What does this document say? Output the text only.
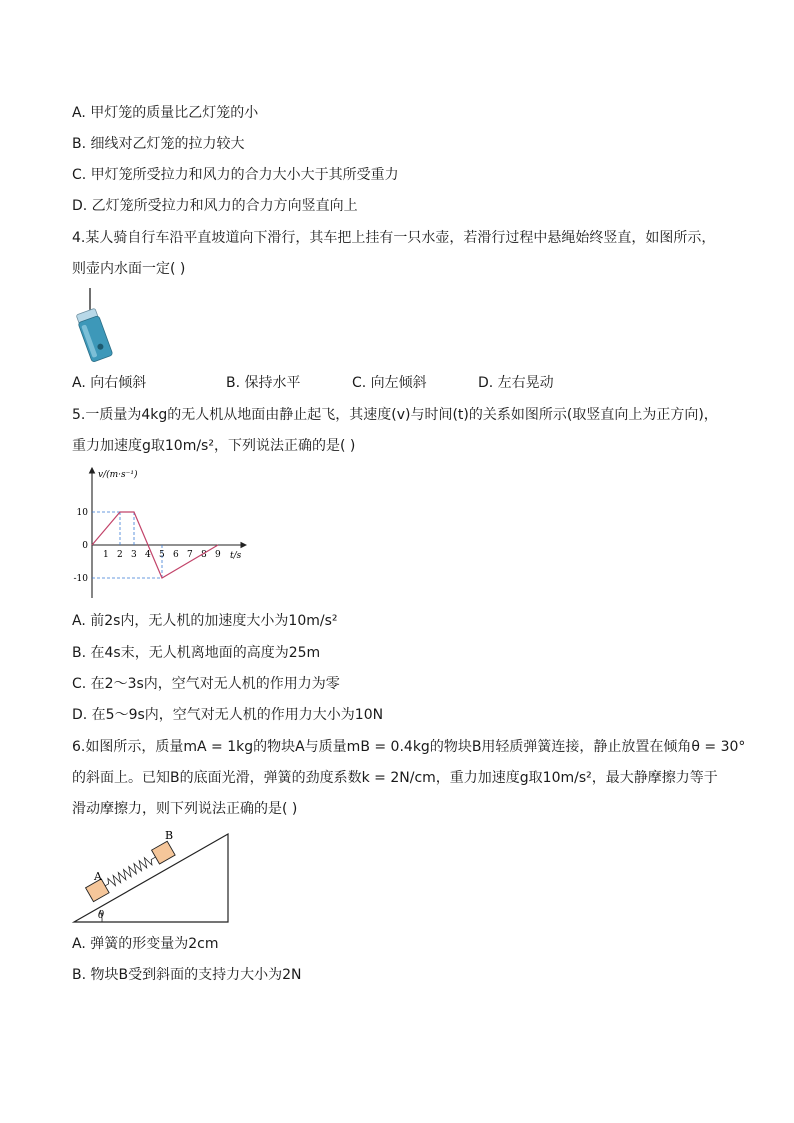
A. 甲灯笼的质量比乙灯笼的小
B. 细线对乙灯笼的拉力较大
C. 甲灯笼所受拉力和风力的合力大小大于其所受重力
D. 乙灯笼所受拉力和风力的合力方向竖直向上
4.某人骑自行车沿平直坡道向下滑行，其车把上挂有一只水壶，若滑行过程中悬绳始终竖直，如图所示，
则壶内水面一定( )
A. 向右倾斜	B. 保持水平	C. 向左倾斜	D. 左右晃动
5.一质量为4kg的无人机从地面由静止起飞，其速度(v)与时间(t)的关系如图所示(取竖直向上为正方向)，
重力加速度g取10m/s²，下列说法正确的是( )
v/(m·s⁻¹)
t/s
1 2 3 4 5 6 7 8 9
10
0
-10
A. 前2s内，无人机的加速度大小为10m/s²
B. 在4s末，无人机离地面的高度为25m
C. 在2～3s内，空气对无人机的作用力为零
D. 在5～9s内，空气对无人机的作用力大小为10N
6.如图所示，质量mA = 1kg的物块A与质量mB = 0.4kg的物块B用轻质弹簧连接，静止放置在倾角θ = 30°
的斜面上。已知B的底面光滑，弹簧的劲度系数k = 2N/cm，重力加速度g取10m/s²，最大静摩擦力等于
滑动摩擦力，则下列说法正确的是( )
θ
A
B
A. 弹簧的形变量为2cm
B. 物块B受到斜面的支持力大小为2N
